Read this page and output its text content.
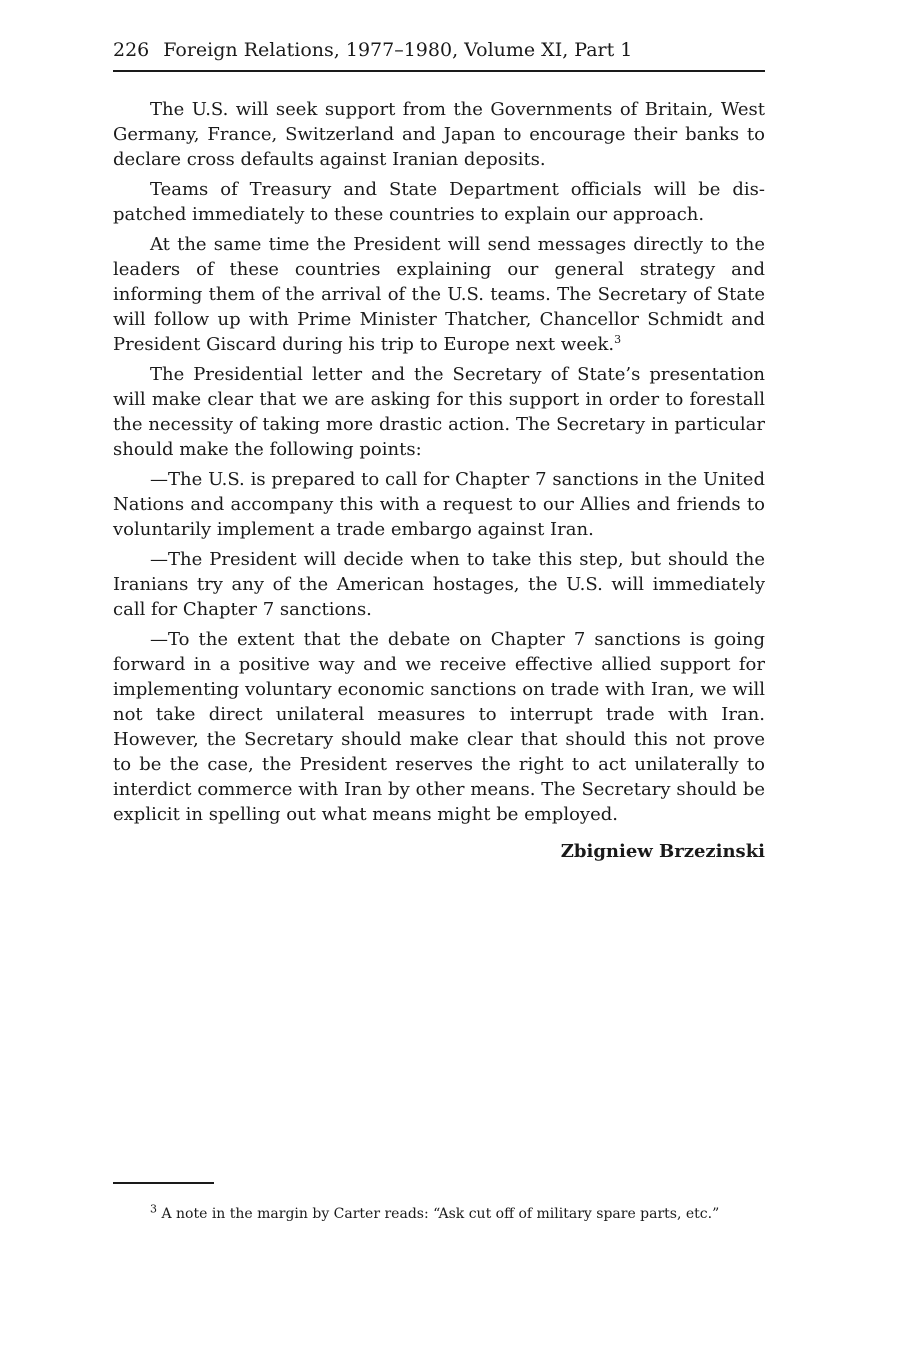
226 Foreign Relations, 1977–1980, Volume XI, Part 1

The U.S. will seek support from the Governments of Britain, West Germany, France, Switzerland and Japan to encourage their banks to declare cross defaults against Iranian deposits.

Teams of Treasury and State Department officials will be dispatched immediately to these countries to explain our approach.

At the same time the President will send messages directly to the leaders of these countries explaining our general strategy and informing them of the arrival of the U.S. teams. The Secretary of State will follow up with Prime Minister Thatcher, Chancellor Schmidt and President Giscard during his trip to Europe next week.$^3$

The Presidential letter and the Secretary of State’s presentation will make clear that we are asking for this support in order to forestall the necessity of taking more drastic action. The Secretary in particular should make the following points:

—The U.S. is prepared to call for Chapter 7 sanctions in the United Nations and accompany this with a request to our Allies and friends to voluntarily implement a trade embargo against Iran.

—The President will decide when to take this step, but should the Iranians try any of the American hostages, the U.S. will immediately call for Chapter 7 sanctions.

—To the extent that the debate on Chapter 7 sanctions is going forward in a positive way and we receive effective allied support for implementing voluntary economic sanctions on trade with Iran, we will not take direct unilateral measures to interrupt trade with Iran. However, the Secretary should make clear that should this not prove to be the case, the President reserves the right to act unilaterally to interdict commerce with Iran by other means. The Secretary should be explicit in spelling out what means might be employed.

Zbigniew Brzezinski
$^3$ A note in the margin by Carter reads: “Ask cut off of military spare parts, etc.”
